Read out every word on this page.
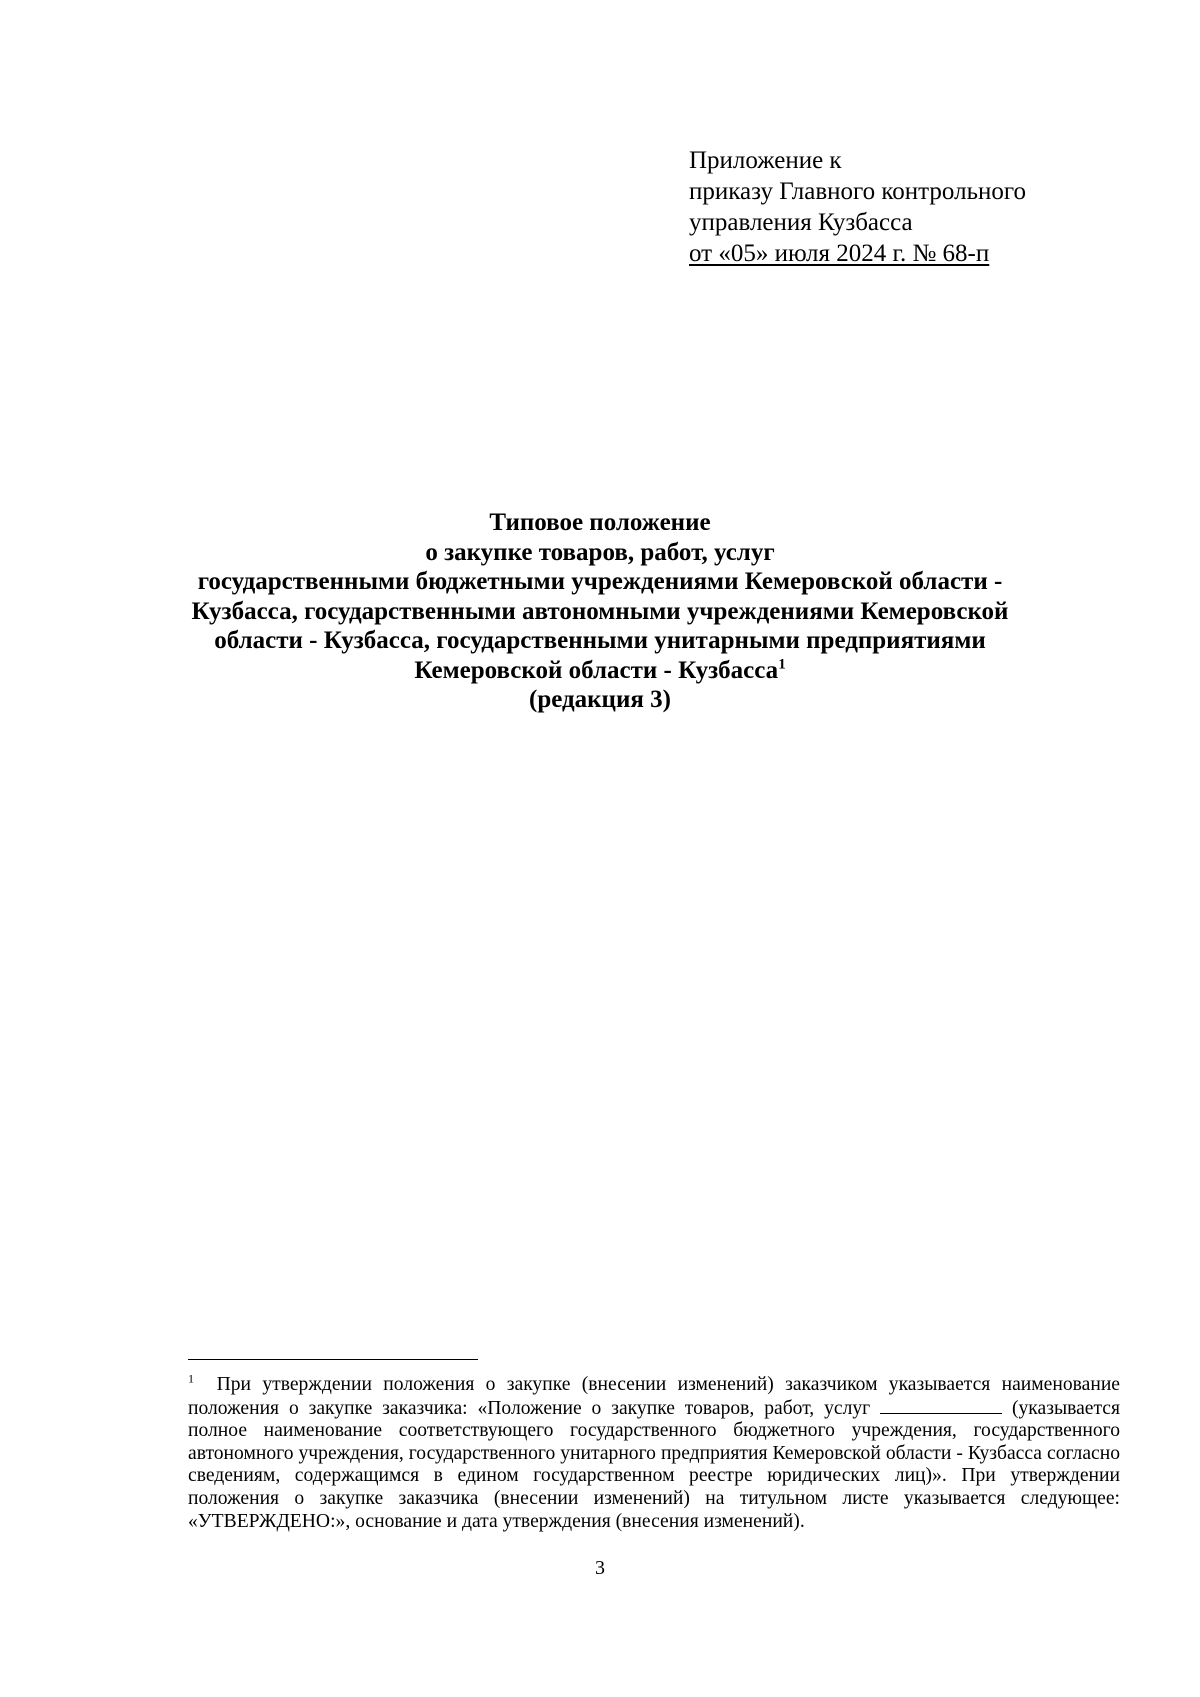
Приложение к
приказу Главного контрольного
управления Кузбасса
от «05» июля 2024 г. № 68-п
Типовое положение
о закупке товаров, работ, услуг
государственными бюджетными учреждениями Кемеровской области -
Кузбасса, государственными автономными учреждениями Кемеровской
области - Кузбасса, государственными унитарными предприятиями
Кемеровской области - Кузбасса$^1$
(редакция 3)
$^1$ При утверждении положения о закупке (внесении изменений) заказчиком указывается наименование положения о закупке заказчика: «Положение о закупке товаров, работ, услуг	(указывается полное наименование соответствующего государственного бюджетного учреждения, государственного автономного учреждения, государственного унитарного предприятия Кемеровской области - Кузбасса согласно сведениям, содержащимся в едином государственном реестре юридических лиц)». При утверждении положения о закупке заказчика (внесении изменений) на титульном листе указывается следующее: «УТВЕРЖДЕНО:», основание и дата утверждения (внесения изменений).
3
